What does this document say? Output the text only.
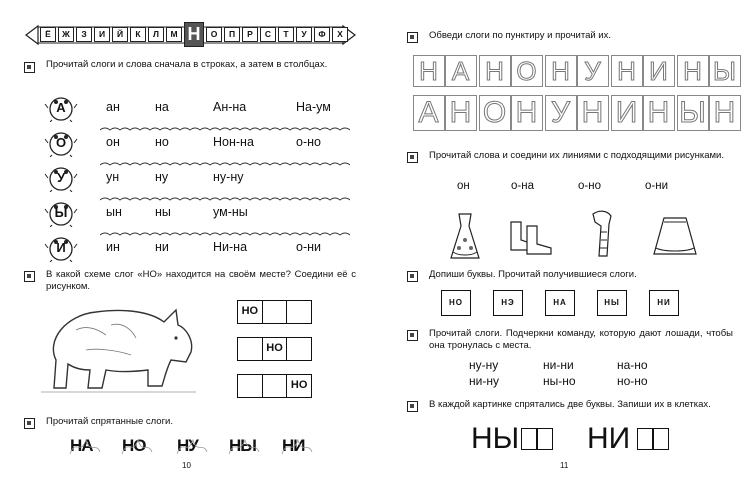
Ё	Ж	З	И	Й	К	Л	М Н	О	П	Р	С	Т	У	Ф	Х
Прочитай слоги и слова сначала в строках, а затем в столбцах.
А	ан	на	Ан-на	На-ум
О	он	но	Нон-на	о-но
У	ун	ну	ну-ну
Ы	ын	ны	ум-ны
И	ин	ни	Ни-на	о-ни
В какой схеме слог «НО» находится на своём месте? Соедини её с рисунком.
НО
НО
НО
Прочитай спрятанные слоги.
НА НО НУ НЫ НИ
10
Обведи слоги по пунктиру и прочитай их.
Н
А
А
Н
Н
О
О
Н
Н
У
У
Н
Н
И
И
Н
Н
Ы
Ы
Н
Прочитай слова и соедини их линиями с подходящими рисунками.
он	о-на	о-но	о-ни
Допиши буквы. Прочитай получившиеся слоги.
НО	НЭ	НА	НЫ	НИ
Прочитай слоги. Подчеркни команду, которую дают лошади, чтобы она тронулась с места.
ну-ну	ни-ни	на-но
ни-ну	ны-но	но-но
В каждой картинке спрятались две буквы. Запиши их в клетках.
НЫ НИ
11
